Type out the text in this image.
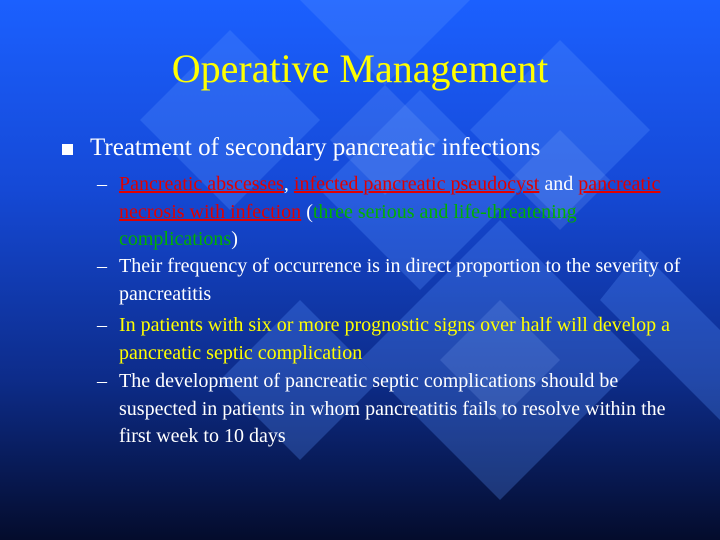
Operative Management
Treatment of secondary pancreatic infections
– Pancreatic abscesses, infected pancreatic pseudocyst and pancreatic necrosis with infection (three serious and life-threatening complications)
– Their frequency of occurrence is in direct proportion to the severity of pancreatitis
– In patients with six or more prognostic signs over half will develop a pancreatic septic complication
– The development of pancreatic septic complications should be suspected in patients in whom pancreatitis fails to resolve within the first week to 10 days
